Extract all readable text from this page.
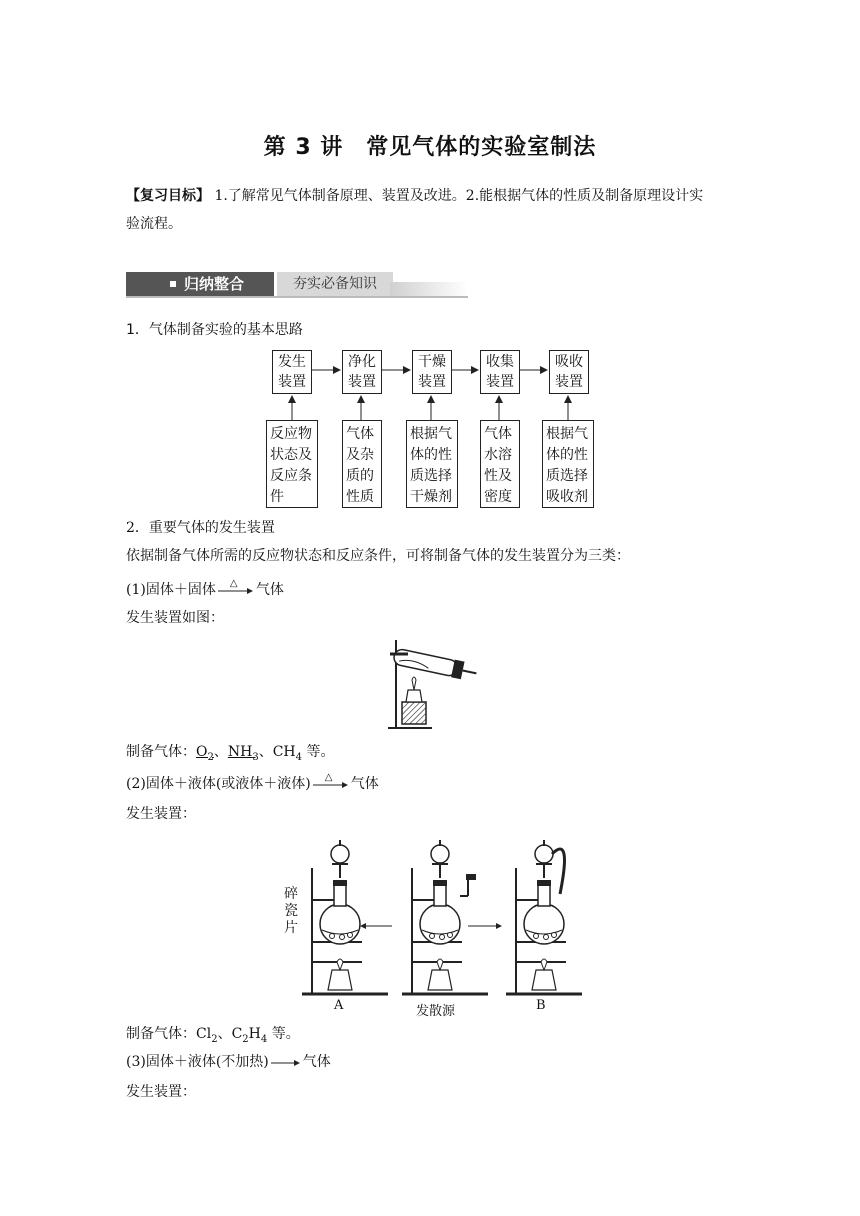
第 3 讲　常见气体的实验室制法
【复习目标】 1.了解常见气体制备原理、装置及改进。2.能根据气体的性质及制备原理设计实
验流程。
归纳整合	夯实必备知识
1．气体制备实验的基本思路
发生
装置
净化
装置
干燥
装置
收集
装置
吸收
装置
反应物
状态及
反应条
件
气体
及杂
质的
性质
根据气
体的性
质选择
干燥剂
气体
水溶
性及
密度
根据气
体的性
质选择
吸收剂
2．重要气体的发生装置
依据制备气体所需的反应物状态和反应条件，可将制备气体的发生装置分为三类：
(1)固体＋固体 △ 气体
发生装置如图：
制备气体：$O_2$、$NH_3$、$CH_4$ 等。
(2)固体＋液体(或液体＋液体) △ 气体
发生装置：
碎
瓷
片
A	发散源	B
制备气体：$Cl_2$、$C_2H_4$ 等。
(3)固体＋液体(不加热) 气体
发生装置：
